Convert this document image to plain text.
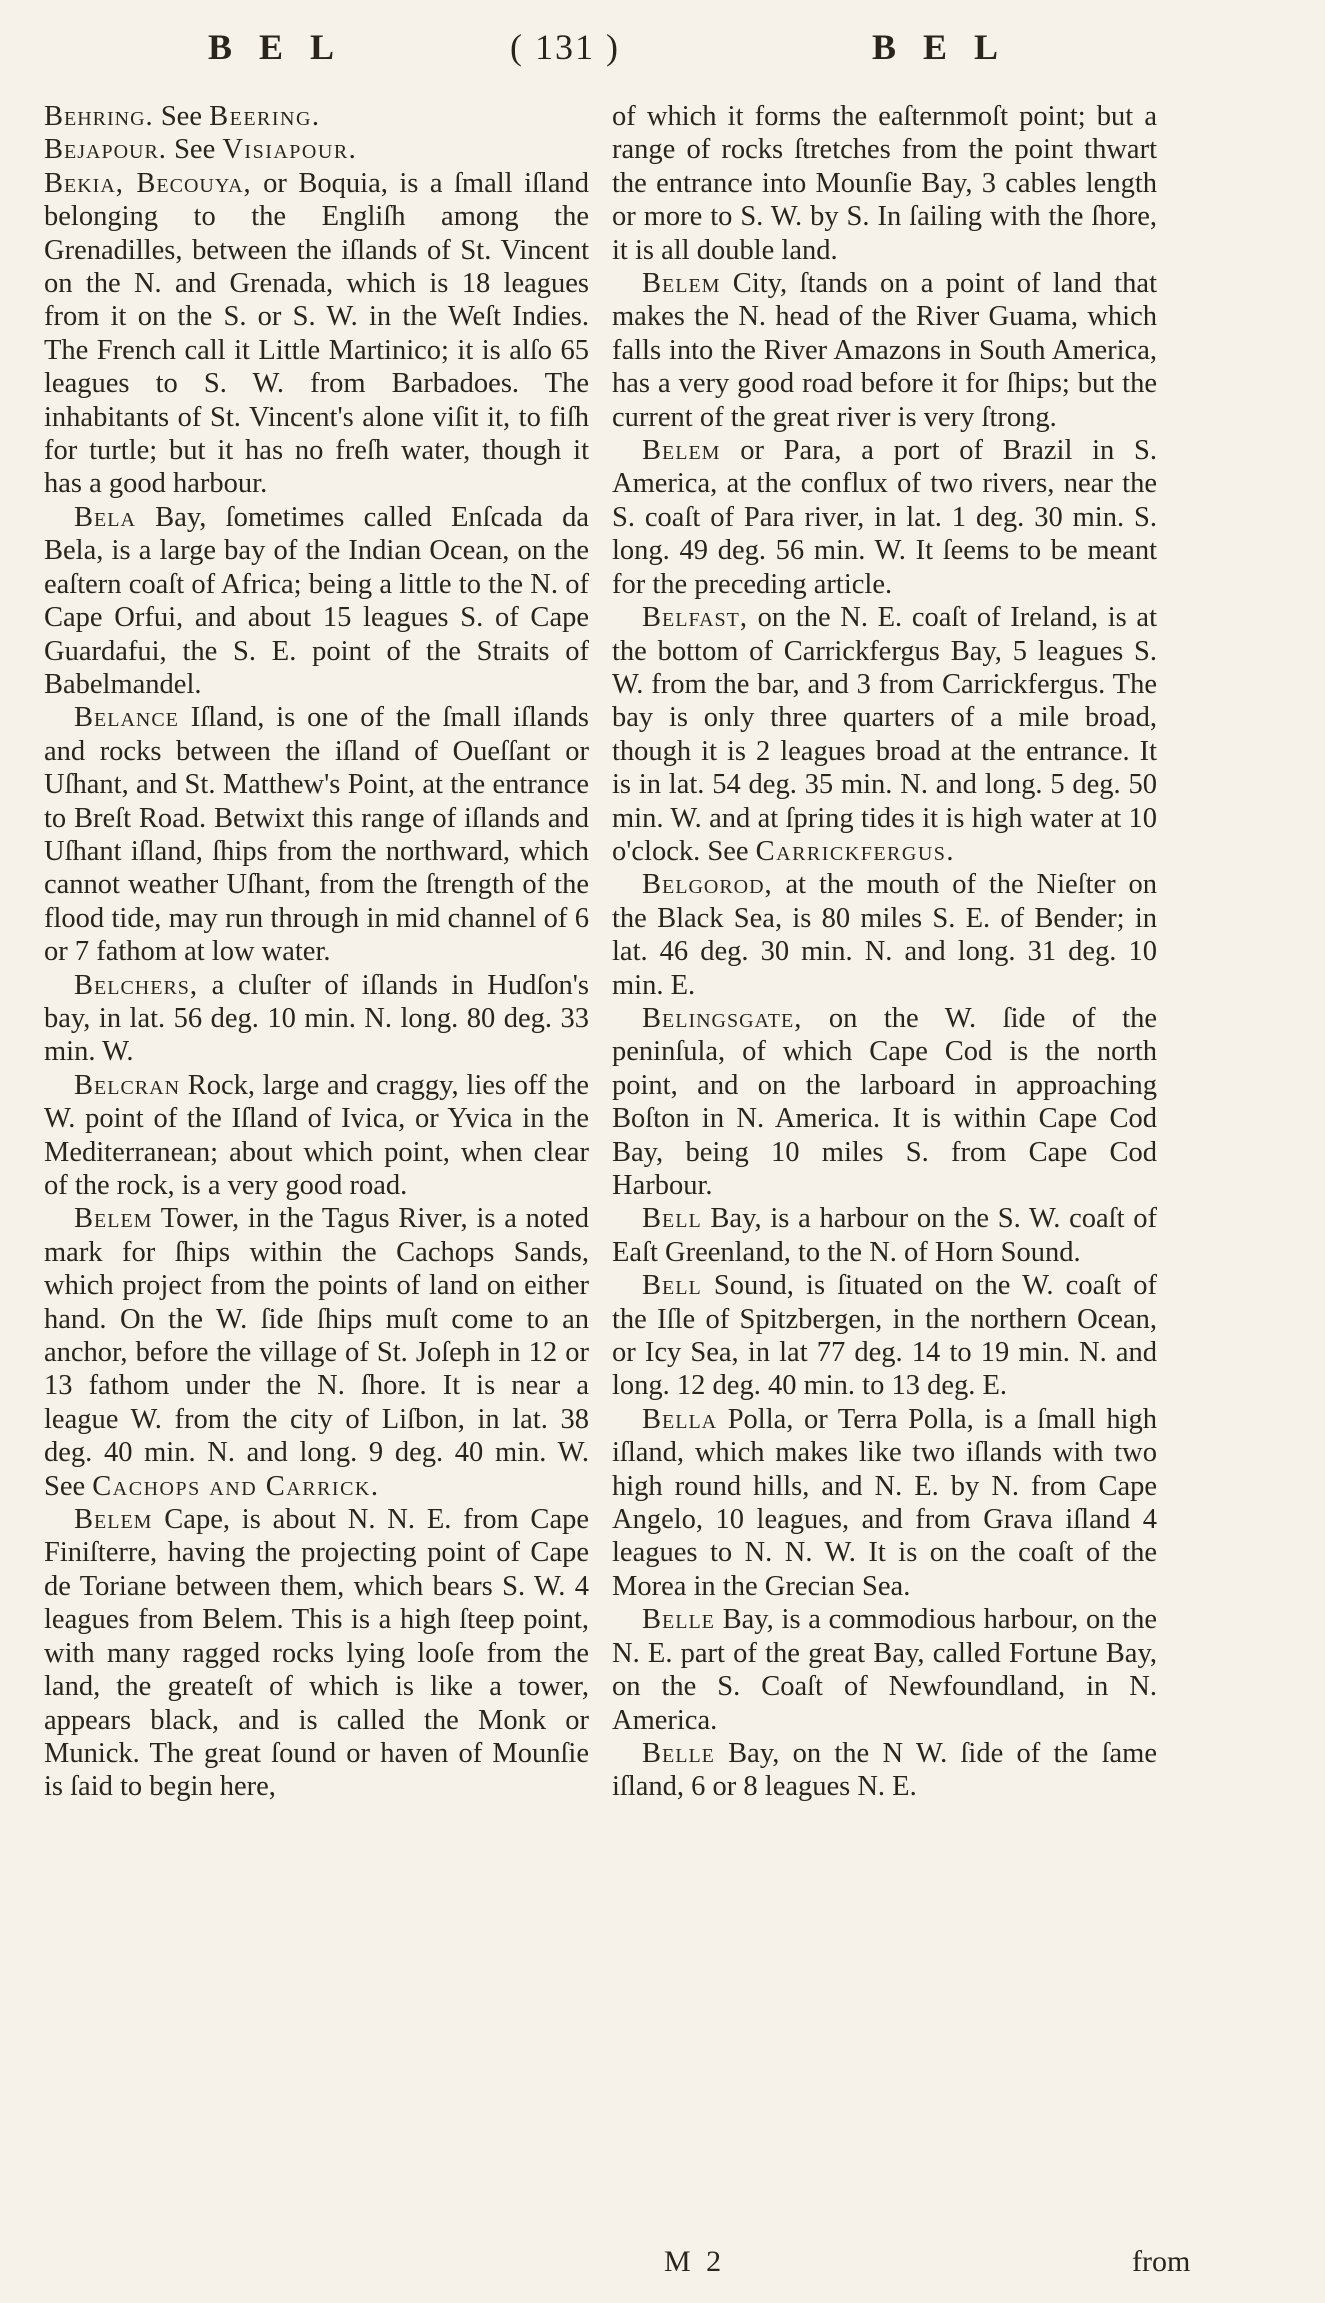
B E L	( 131 )	B E L

Behring. See Beering.

Bejapour. See Visiapour.

Bekia, Becouya, or Boquia, is a ſmall iſland belonging to the Engliſh among the Grenadilles, between the iſlands of St. Vincent on the N. and Grenada, which is 18 leagues from it on the S. or S. W. in the Weſt Indies. The French call it Little Martinico; it is alſo 65 leagues to S. W. from Barbadoes. The inhabitants of St. Vincent's alone viſit it, to fiſh for turtle; but it has no freſh water, though it has a good harbour.

Bela Bay, ſometimes called Enſcada da Bela, is a large bay of the Indian Ocean, on the eaſtern coaſt of Africa; being a little to the N. of Cape Orfui, and about 15 leagues S. of Cape Guardafui, the S. E. point of the Straits of Babelmandel.

Belance Iſland, is one of the ſmall iſlands and rocks between the iſland of Oueſſant or Uſhant, and St. Matthew's Point, at the entrance to Breſt Road. Betwixt this range of iſlands and Uſhant iſland, ſhips from the northward, which cannot weather Uſhant, from the ſtrength of the flood tide, may run through in mid channel of 6 or 7 fathom at low water.

Belchers, a cluſter of iſlands in Hudſon's bay, in lat. 56 deg. 10 min. N. long. 80 deg. 33 min. W.

Belcran Rock, large and craggy, lies off the W. point of the Iſland of Ivica, or Yvica in the Mediterranean; about which point, when clear of the rock, is a very good road.

Belem Tower, in the Tagus River, is a noted mark for ſhips within the Cachops Sands, which project from the points of land on either hand. On the W. ſide ſhips muſt come to an anchor, before the village of St. Joſeph in 12 or 13 fathom under the N. ſhore. It is near a league W. from the city of Liſbon, in lat. 38 deg. 40 min. N. and long. 9 deg. 40 min. W. See Cachops and Carrick.

Belem Cape, is about N. N. E. from Cape Finiſterre, having the projecting point of Cape de Toriane between them, which bears S. W. 4 leagues from Belem. This is a high ſteep point, with many ragged rocks lying looſe from the land, the greateſt of which is like a tower, appears black, and is called the Monk or Munick. The great ſound or haven of Mounſie is ſaid to begin here,

of which it forms the eaſternmoſt point; but a range of rocks ſtretches from the point thwart the entrance into Mounſie Bay, 3 cables length or more to S. W. by S. In ſailing with the ſhore, it is all double land.

Belem City, ſtands on a point of land that makes the N. head of the River Guama, which falls into the River Amazons in South America, has a very good road before it for ſhips; but the current of the great river is very ſtrong.

Belem or Para, a port of Brazil in S. America, at the conflux of two rivers, near the S. coaſt of Para river, in lat. 1 deg. 30 min. S. long. 49 deg. 56 min. W. It ſeems to be meant for the preceding article.

Belfast, on the N. E. coaſt of Ireland, is at the bottom of Carrickfergus Bay, 5 leagues S. W. from the bar, and 3 from Carrickfergus. The bay is only three quarters of a mile broad, though it is 2 leagues broad at the entrance. It is in lat. 54 deg. 35 min. N. and long. 5 deg. 50 min. W. and at ſpring tides it is high water at 10 o'clock. See Carrickfergus.

Belgorod, at the mouth of the Nieſter on the Black Sea, is 80 miles S. E. of Bender; in lat. 46 deg. 30 min. N. and long. 31 deg. 10 min. E.

Belingsgate, on the W. ſide of the peninſula, of which Cape Cod is the north point, and on the larboard in approaching Boſton in N. America. It is within Cape Cod Bay, being 10 miles S. from Cape Cod Harbour.

Bell Bay, is a harbour on the S. W. coaſt of Eaſt Greenland, to the N. of Horn Sound.

Bell Sound, is ſituated on the W. coaſt of the Iſle of Spitzbergen, in the northern Ocean, or Icy Sea, in lat 77 deg. 14 to 19 min. N. and long. 12 deg. 40 min. to 13 deg. E.

Bella Polla, or Terra Polla, is a ſmall high iſland, which makes like two iſlands with two high round hills, and N. E. by N. from Cape Angelo, 10 leagues, and from Grava iſland 4 leagues to N. N. W. It is on the coaſt of the Morea in the Grecian Sea.

Belle Bay, is a commodious harbour, on the N. E. part of the great Bay, called Fortune Bay, on the S. Coaſt of Newfoundland, in N. America.

Belle Bay, on the N W. ſide of the ſame iſland, 6 or 8 leagues N. E.

M 2	from
